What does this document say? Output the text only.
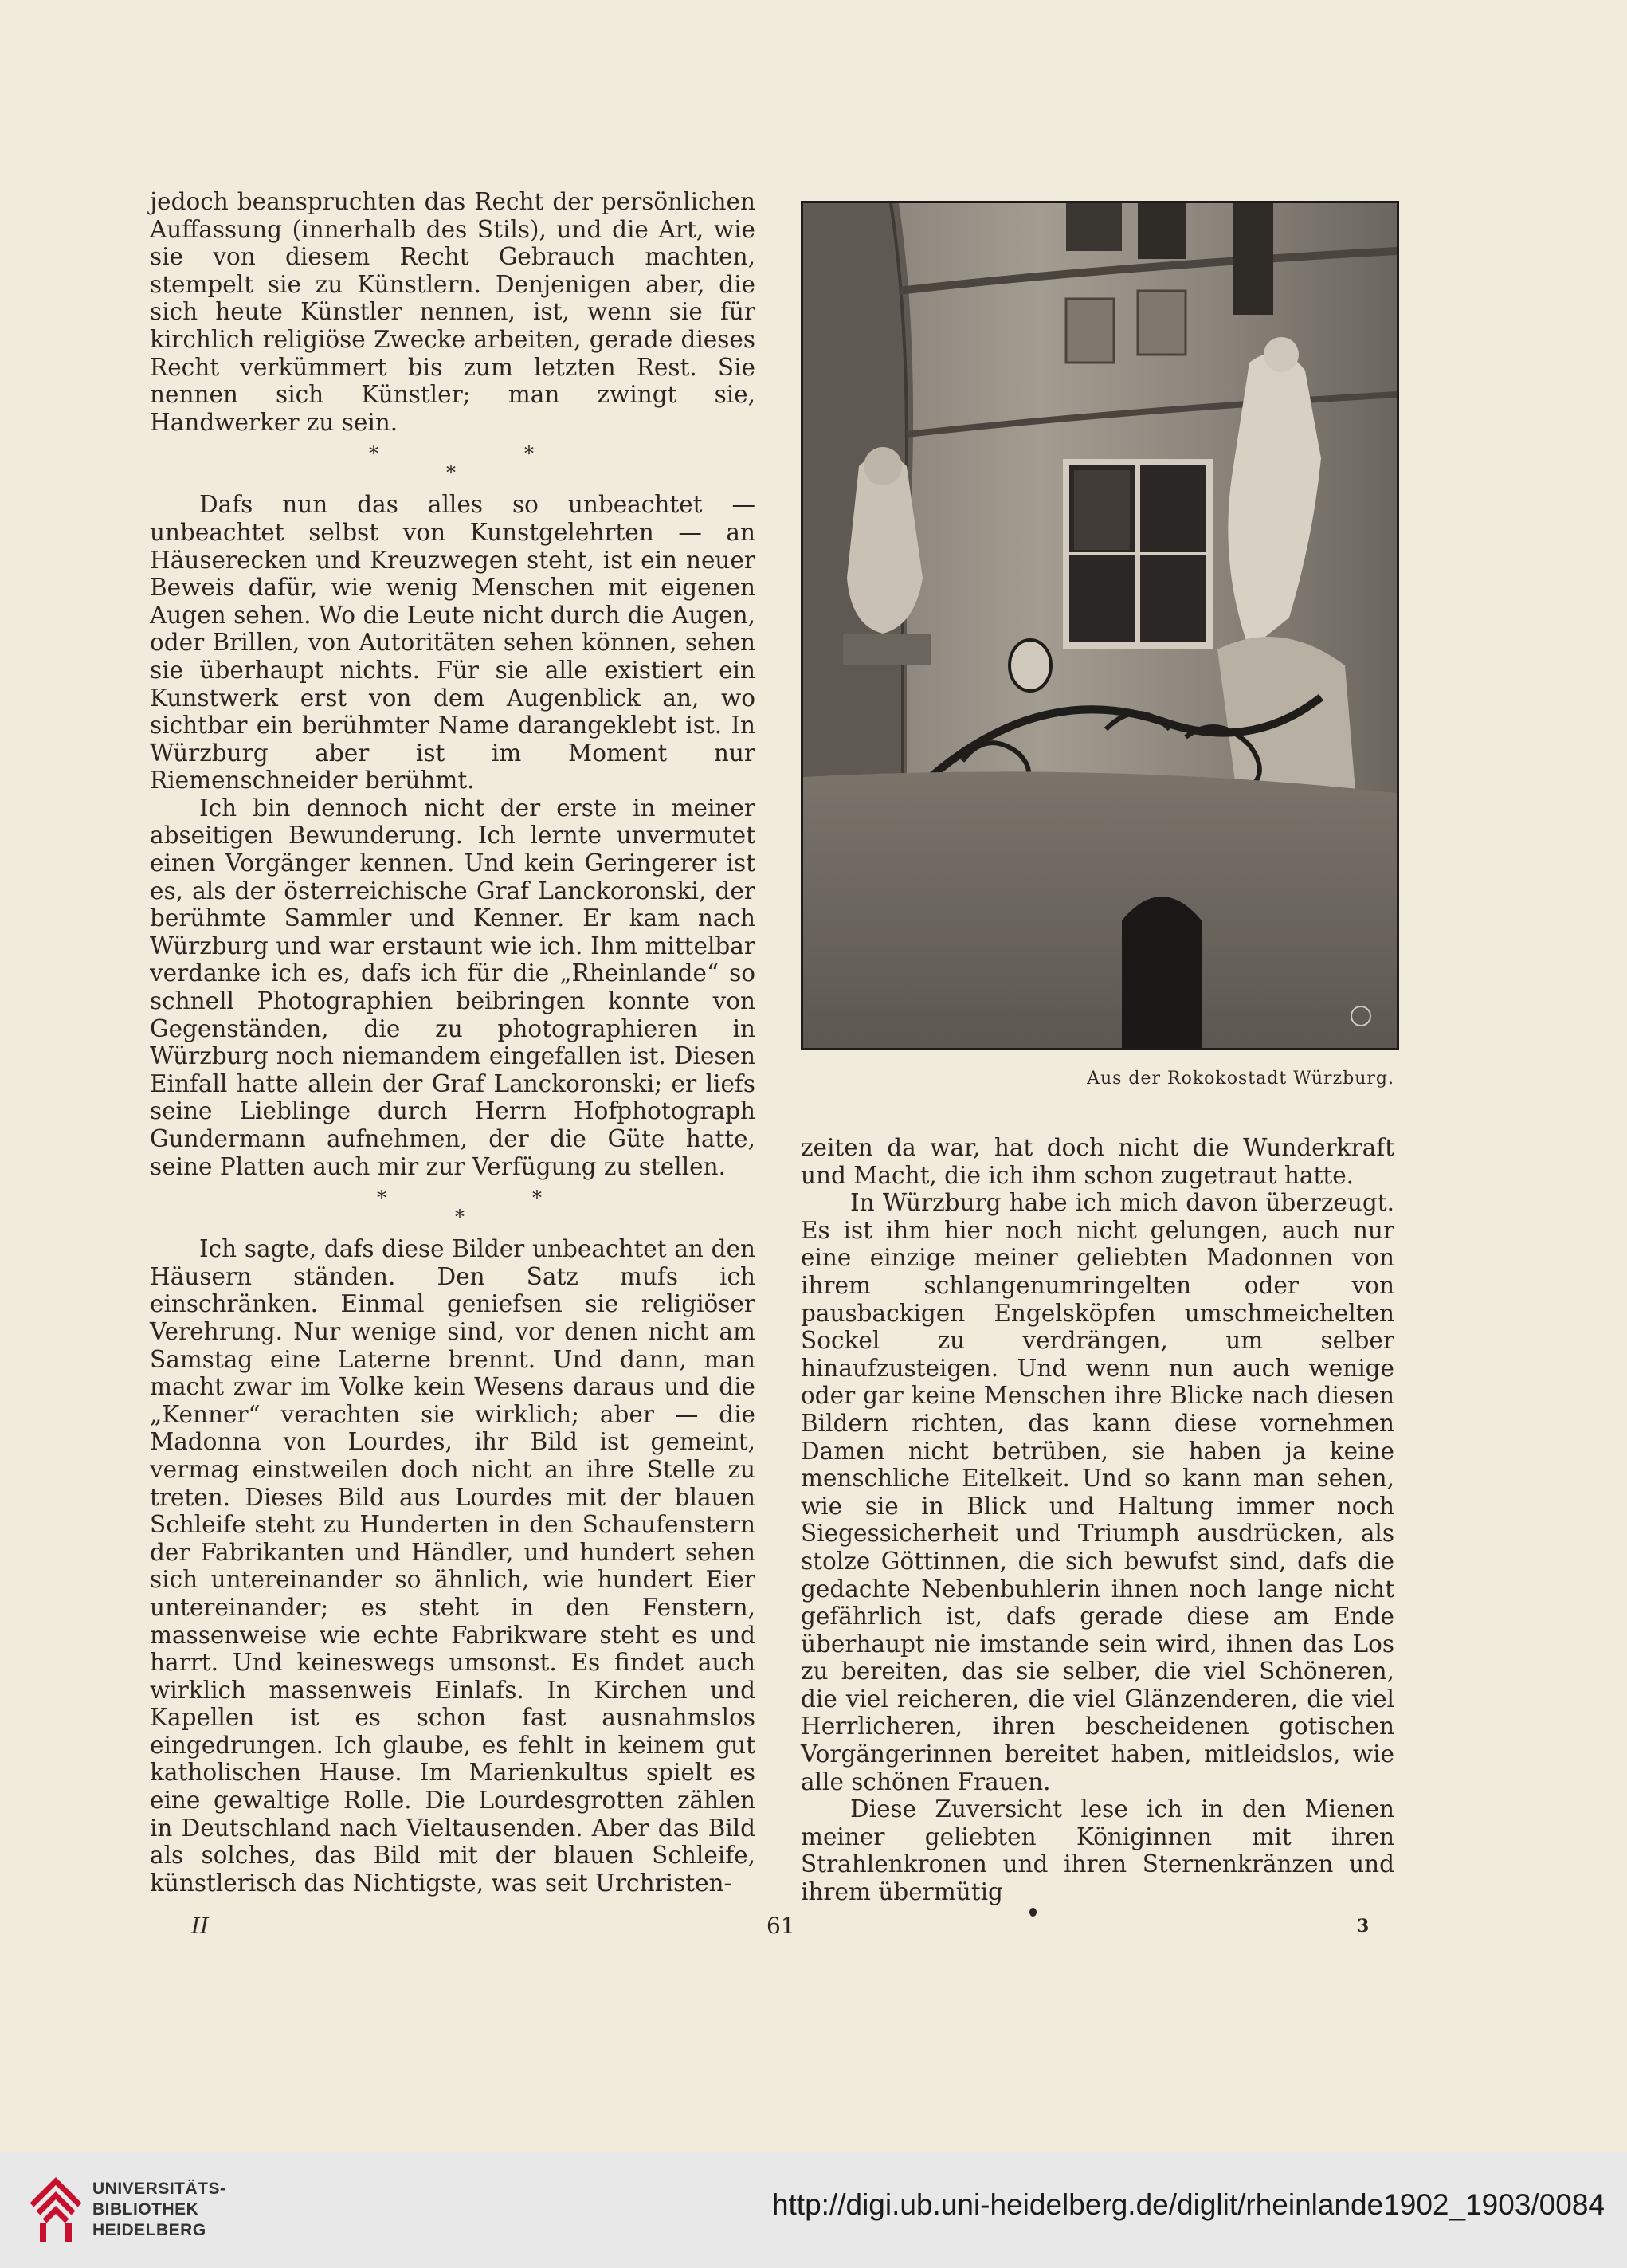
jedoch beanspruchten das Recht der persönlichen Auffassung (innerhalb des Stils), und die Art, wie sie von diesem Recht Gebrauch machten, stempelt sie zu Künstlern. Denjenigen aber, die sich heute Künstler nennen, ist, wenn sie für kirchlich religiöse Zwecke arbeiten, gerade dieses Recht verkümmert bis zum letzten Rest. Sie nennen sich Künstler; man zwingt sie, Handwerker zu sein.

*	*
*

Dafs nun das alles so unbeachtet — unbeachtet selbst von Kunstgelehrten — an Häuserecken und Kreuzwegen steht, ist ein neuer Beweis dafür, wie wenig Menschen mit eigenen Augen sehen. Wo die Leute nicht durch die Augen, oder Brillen, von Autoritäten sehen können, sehen sie überhaupt nichts. Für sie alle existiert ein Kunstwerk erst von dem Augenblick an, wo sichtbar ein berühmter Name darangeklebt ist. In Würzburg aber ist im Moment nur Riemenschneider berühmt.

Ich bin dennoch nicht der erste in meiner abseitigen Bewunderung. Ich lernte unvermutet einen Vorgänger kennen. Und kein Geringerer ist es, als der österreichische Graf Lanckoronski, der berühmte Sammler und Kenner. Er kam nach Würzburg und war erstaunt wie ich. Ihm mittelbar verdanke ich es, dafs ich für die „Rheinlande“ so schnell Photographien beibringen konnte von Gegenständen, die zu photographieren in Würzburg noch niemandem eingefallen ist. Diesen Einfall hatte allein der Graf Lanckoronski; er liefs seine Lieblinge durch Herrn Hofphotograph Gundermann aufnehmen, der die Güte hatte, seine Platten auch mir zur Verfügung zu stellen.

*	*
*

Ich sagte, dafs diese Bilder unbeachtet an den Häusern ständen. Den Satz mufs ich einschränken. Einmal geniefsen sie religiöser Verehrung. Nur wenige sind, vor denen nicht am Samstag eine Laterne brennt. Und dann, man macht zwar im Volke kein Wesens daraus und die „Kenner“ verachten sie wirklich; aber — die Madonna von Lourdes, ihr Bild ist gemeint, vermag einstweilen doch nicht an ihre Stelle zu treten. Dieses Bild aus Lourdes mit der blauen Schleife steht zu Hunderten in den Schaufenstern der Fabrikanten und Händler, und hundert sehen sich untereinander so ähnlich, wie hundert Eier untereinander; es steht in den Fenstern, massenweise wie echte Fabrikware steht es und harrt. Und keineswegs umsonst. Es findet auch wirklich massenweis Einlafs. In Kirchen und Kapellen ist es schon fast ausnahmslos eingedrungen. Ich glaube, es fehlt in keinem gut katholischen Hause. Im Marienkultus spielt es eine gewaltige Rolle. Die Lourdesgrotten zählen in Deutschland nach Vieltausenden. Aber das Bild als solches, das Bild mit der blauen Schleife, künstlerisch das Nichtigste, was seit Urchristen-

Aus der Rokokostadt Würzburg.

zeiten da war, hat doch nicht die Wunderkraft und Macht, die ich ihm schon zugetraut hatte.

In Würzburg habe ich mich davon überzeugt. Es ist ihm hier noch nicht gelungen, auch nur eine einzige meiner geliebten Madonnen von ihrem schlangenumringelten oder von pausbackigen Engelsköpfen umschmeichelten Sockel zu verdrängen, um selber hinaufzusteigen. Und wenn nun auch wenige oder gar keine Menschen ihre Blicke nach diesen Bildern richten, das kann diese vornehmen Damen nicht betrüben, sie haben ja keine menschliche Eitelkeit. Und so kann man sehen, wie sie in Blick und Haltung immer noch Siegessicherheit und Triumph ausdrücken, als stolze Göttinnen, die sich bewufst sind, dafs die gedachte Nebenbuhlerin ihnen noch lange nicht gefährlich ist, dafs gerade diese am Ende überhaupt nie imstande sein wird, ihnen das Los zu bereiten, das sie selber, die viel Schöneren, die viel reicheren, die viel Glänzenderen, die viel Herrlicheren, ihren bescheidenen gotischen Vorgängerinnen bereitet haben, mitleidslos, wie alle schönen Frauen.

Diese Zuversicht lese ich in den Mienen meiner geliebten Königinnen mit ihren Strahlenkronen und ihren Sternenkränzen und ihrem übermütig

II	61	3
UNIVERSITÄTS-
BIBLIOTHEK
HEIDELBERG
http://digi.ub.uni-heidelberg.de/diglit/rheinlande1902_1903/0084
